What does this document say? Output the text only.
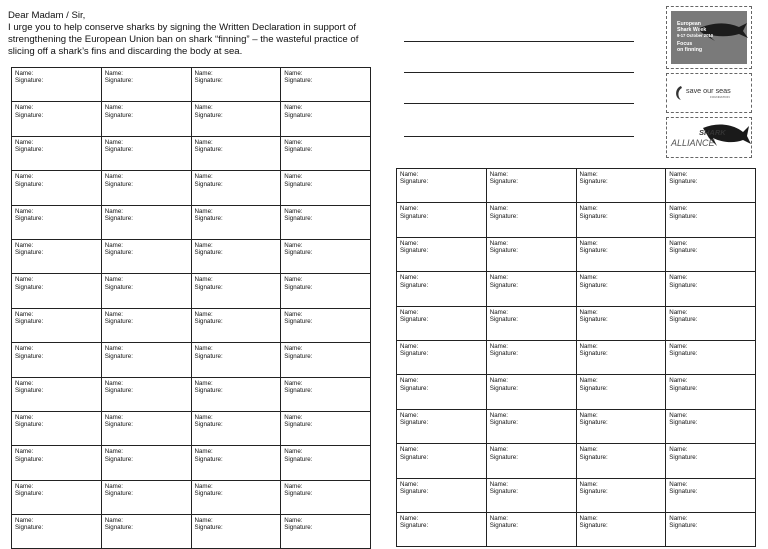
Dear Madam / Sir,
I urge you to help conserve sharks by signing the Written Declaration in support of
strengthening the European Union ban on shark “finning” – the wasteful practice of
slicing off a shark’s fins and discarding the body at sea.
European
Shark Week
9-17 October 2010
Focus
on finning
save our seas
FOUNDATION
SHARK
ALLIANCE
Name:
Signature:	Name:
Signature:	Name:
Signature:	Name:
Signature:

Name:
Signature:	Name:
Signature:	Name:
Signature:	Name:
Signature:

Name:
Signature:	Name:
Signature:	Name:
Signature:	Name:
Signature:

Name:
Signature:	Name:
Signature:	Name:
Signature:	Name:
Signature:

Name:
Signature:	Name:
Signature:	Name:
Signature:	Name:
Signature:

Name:
Signature:	Name:
Signature:	Name:
Signature:	Name:
Signature:

Name:
Signature:	Name:
Signature:	Name:
Signature:	Name:
Signature:

Name:
Signature:	Name:
Signature:	Name:
Signature:	Name:
Signature:

Name:
Signature:	Name:
Signature:	Name:
Signature:	Name:
Signature:

Name:
Signature:	Name:
Signature:	Name:
Signature:	Name:
Signature:

Name:
Signature:	Name:
Signature:	Name:
Signature:	Name:
Signature:

Name:
Signature:	Name:
Signature:	Name:
Signature:	Name:
Signature:

Name:
Signature:	Name:
Signature:	Name:
Signature:	Name:
Signature:

Name:
Signature:	Name:
Signature:	Name:
Signature:	Name:
Signature:
Name:
Signature:	Name:
Signature:	Name:
Signature:	Name:
Signature:

Name:
Signature:	Name:
Signature:	Name:
Signature:	Name:
Signature:

Name:
Signature:	Name:
Signature:	Name:
Signature:	Name:
Signature:

Name:
Signature:	Name:
Signature:	Name:
Signature:	Name:
Signature:

Name:
Signature:	Name:
Signature:	Name:
Signature:	Name:
Signature:

Name:
Signature:	Name:
Signature:	Name:
Signature:	Name:
Signature:

Name:
Signature:	Name:
Signature:	Name:
Signature:	Name:
Signature:

Name:
Signature:	Name:
Signature:	Name:
Signature:	Name:
Signature:

Name:
Signature:	Name:
Signature:	Name:
Signature:	Name:
Signature:

Name:
Signature:	Name:
Signature:	Name:
Signature:	Name:
Signature:

Name:
Signature:	Name:
Signature:	Name:
Signature:	Name:
Signature:
